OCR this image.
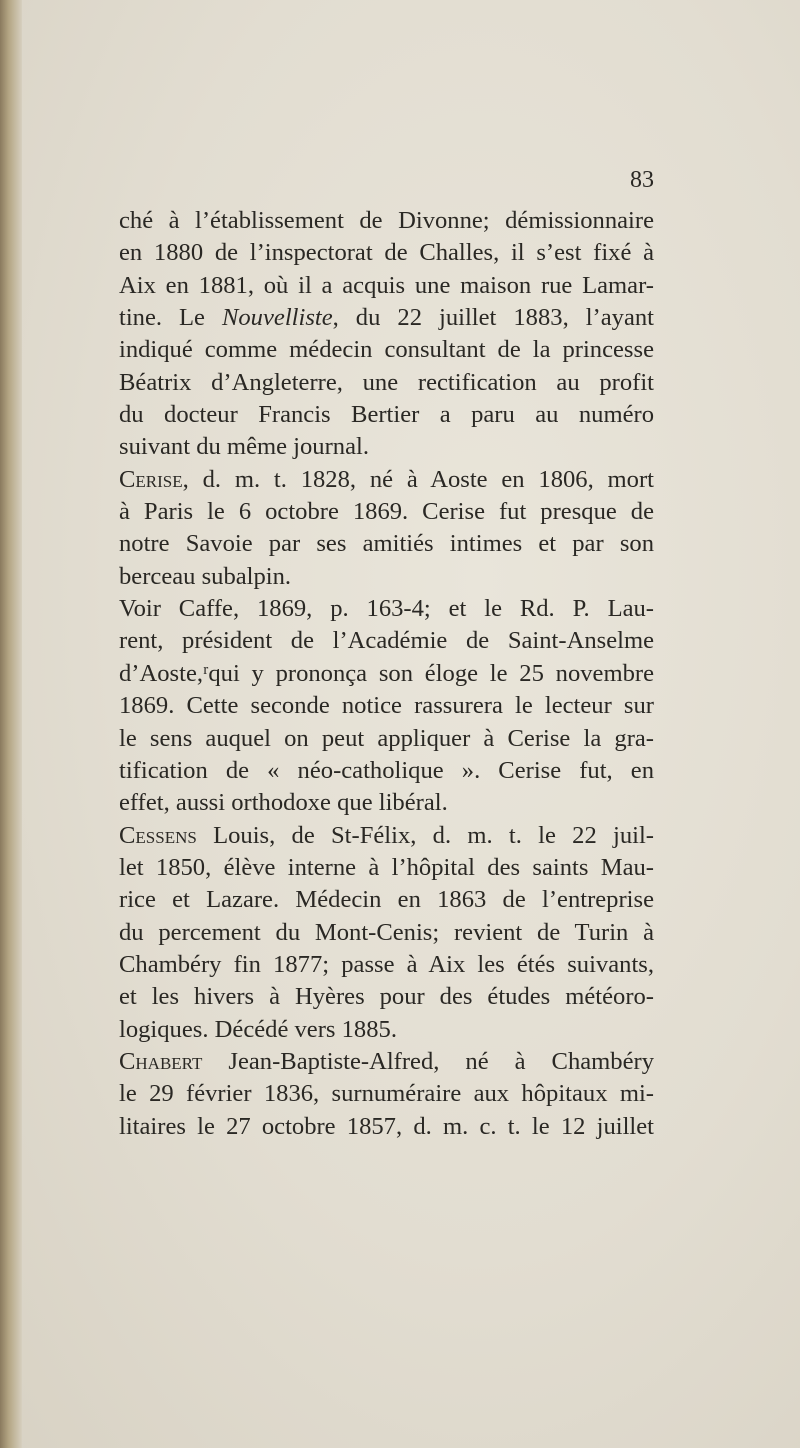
83
ché à l’établissement de Divonne; démissionnaire
en 1880 de l’inspectorat de Challes, il s’est fixé à
Aix en 1881, où il a acquis une maison rue Lamar-
tine. Le Nouvelliste, du 22 juillet 1883, l’ayant
indiqué comme médecin consultant de la princesse
Béatrix d’Angleterre, une rectification au profit
du docteur Francis Bertier a paru au numéro
suivant du même journal.
Cerise, d. m. t. 1828, né à Aoste en 1806, mort
à Paris le 6 octobre 1869. Cerise fut presque de
notre Savoie par ses amitiés intimes et par son
berceau subalpin.
Voir Caffe, 1869, p. 163-4; et le Rd. P. Lau-
rent, président de l’Académie de Saint-Anselme
d’Aoste,ʳqui y prononça son éloge le 25 novembre
1869. Cette seconde notice rassurera le lecteur sur
le sens auquel on peut appliquer à Cerise la gra-
tification de « néo-catholique ». Cerise fut, en
effet, aussi orthodoxe que libéral.
Cessens Louis, de St-Félix, d. m. t. le 22 juil-
let 1850, élève interne à l’hôpital des saints Mau-
rice et Lazare. Médecin en 1863 de l’entreprise
du percement du Mont-Cenis; revient de Turin à
Chambéry fin 1877; passe à Aix les étés suivants,
et les hivers à Hyères pour des études météoro-
logiques. Décédé vers 1885.
Chabert Jean-Baptiste-Alfred, né à Chambéry
le 29 février 1836, surnuméraire aux hôpitaux mi-
litaires le 27 octobre 1857, d. m. c. t. le 12 juillet
